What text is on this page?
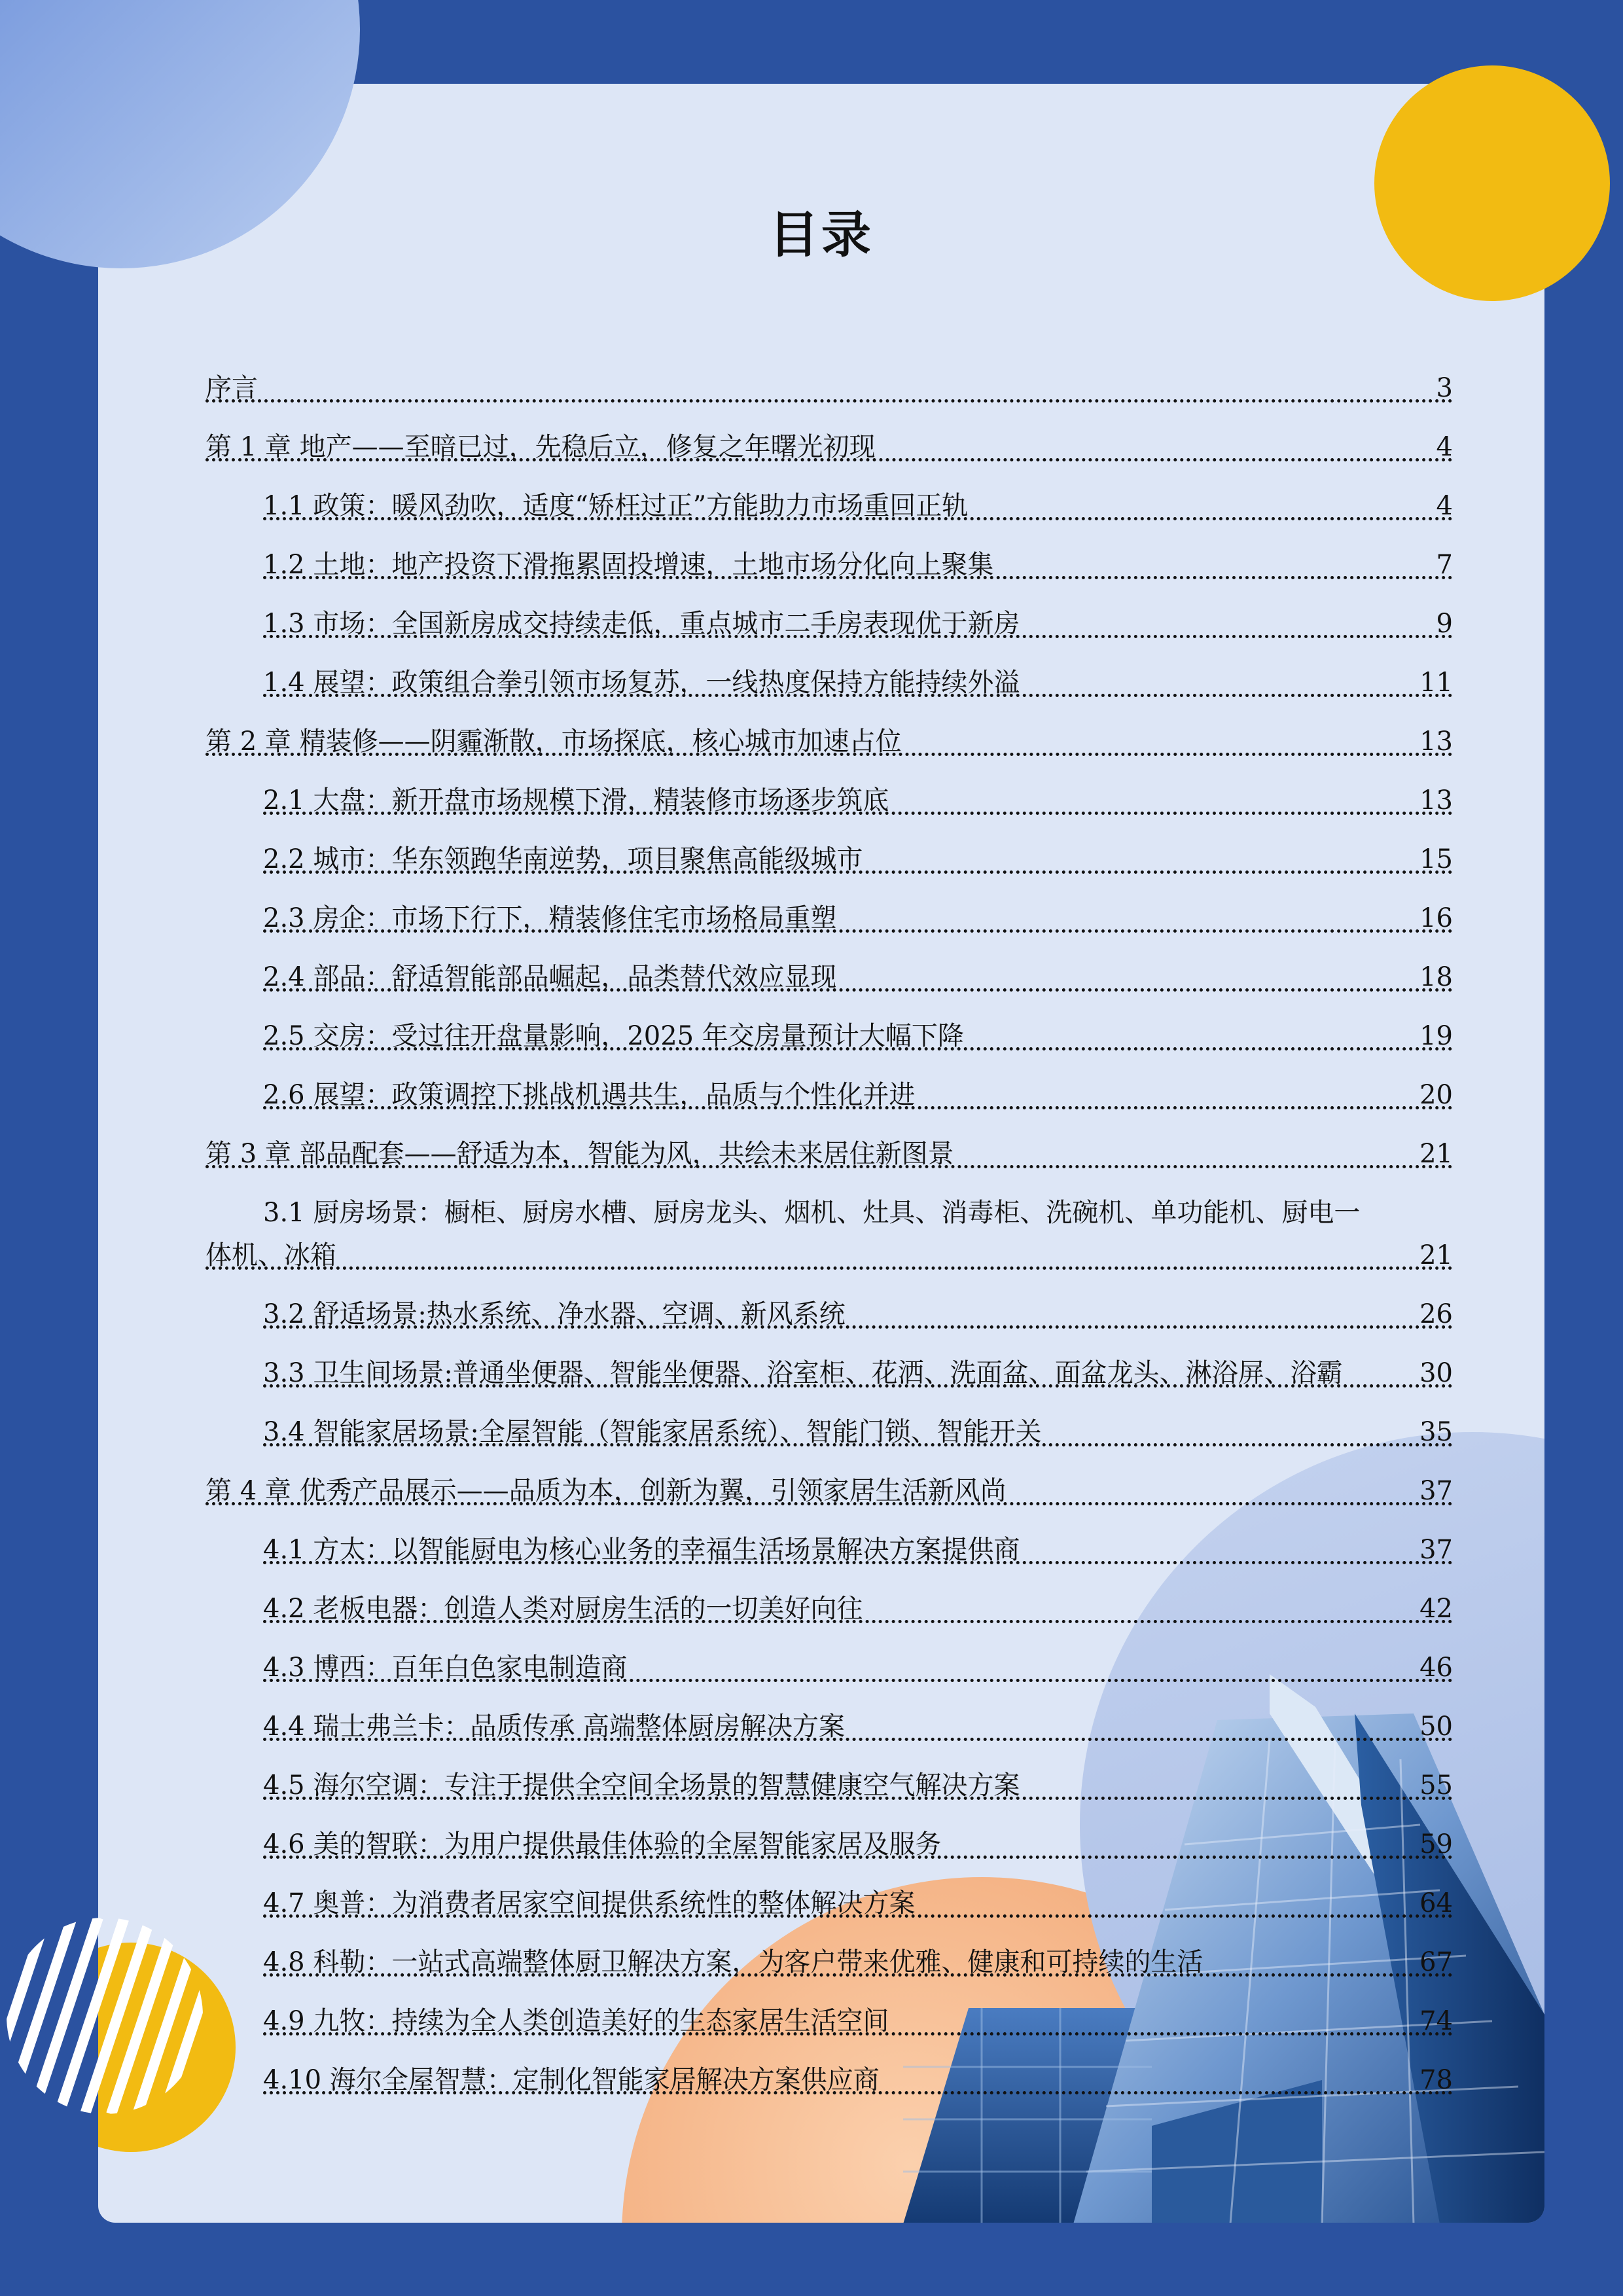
目录
序言	3
第 1 章 地产——至暗已过，先稳后立，修复之年曙光初现	4
1.1 政策：暖风劲吹，适度“矫枉过正”方能助力市场重回正轨	4
1.2 土地：地产投资下滑拖累固投增速，土地市场分化向上聚集	7
1.3 市场：全国新房成交持续走低，重点城市二手房表现优于新房	9
1.4 展望：政策组合拳引领市场复苏，一线热度保持方能持续外溢	11
第 2 章 精装修——阴霾渐散，市场探底，核心城市加速占位	13
2.1 大盘：新开盘市场规模下滑，精装修市场逐步筑底	13
2.2 城市：华东领跑华南逆势，项目聚焦高能级城市	15
2.3 房企：市场下行下，精装修住宅市场格局重塑	16
2.4 部品：舒适智能部品崛起，品类替代效应显现	18
2.5 交房：受过往开盘量影响，2025 年交房量预计大幅下降	19
2.6 展望：政策调控下挑战机遇共生，品质与个性化并进	20
第 3 章 部品配套——舒适为本，智能为风，共绘未来居住新图景	21
3.1 厨房场景：橱柜、厨房水槽、厨房龙头、烟机、灶具、消毒柜、洗碗机、单功能机、厨电一
体机、冰箱	21
3.2 舒适场景:热水系统、净水器、空调、新风系统	26
3.3 卫生间场景:普通坐便器、智能坐便器、浴室柜、花洒、洗面盆、面盆龙头、淋浴屏、浴霸	30
3.4 智能家居场景:全屋智能（智能家居系统）、智能门锁、智能开关	35
第 4 章 优秀产品展示——品质为本，创新为翼，引领家居生活新风尚	37
4.1 方太：以智能厨电为核心业务的幸福生活场景解决方案提供商	37
4.2 老板电器：创造人类对厨房生活的一切美好向往	42
4.3 博西：百年白色家电制造商	46
4.4 瑞士弗兰卡：品质传承 高端整体厨房解决方案	50
4.5 海尔空调：专注于提供全空间全场景的智慧健康空气解决方案	55
4.6 美的智联：为用户提供最佳体验的全屋智能家居及服务	59
4.7 奥普：为消费者居家空间提供系统性的整体解决方案	64
4.8 科勒：一站式高端整体厨卫解决方案，为客户带来优雅、健康和可持续的生活	67
4.9 九牧：持续为全人类创造美好的生态家居生活空间	74
4.10 海尔全屋智慧：定制化智能家居解决方案供应商	78
